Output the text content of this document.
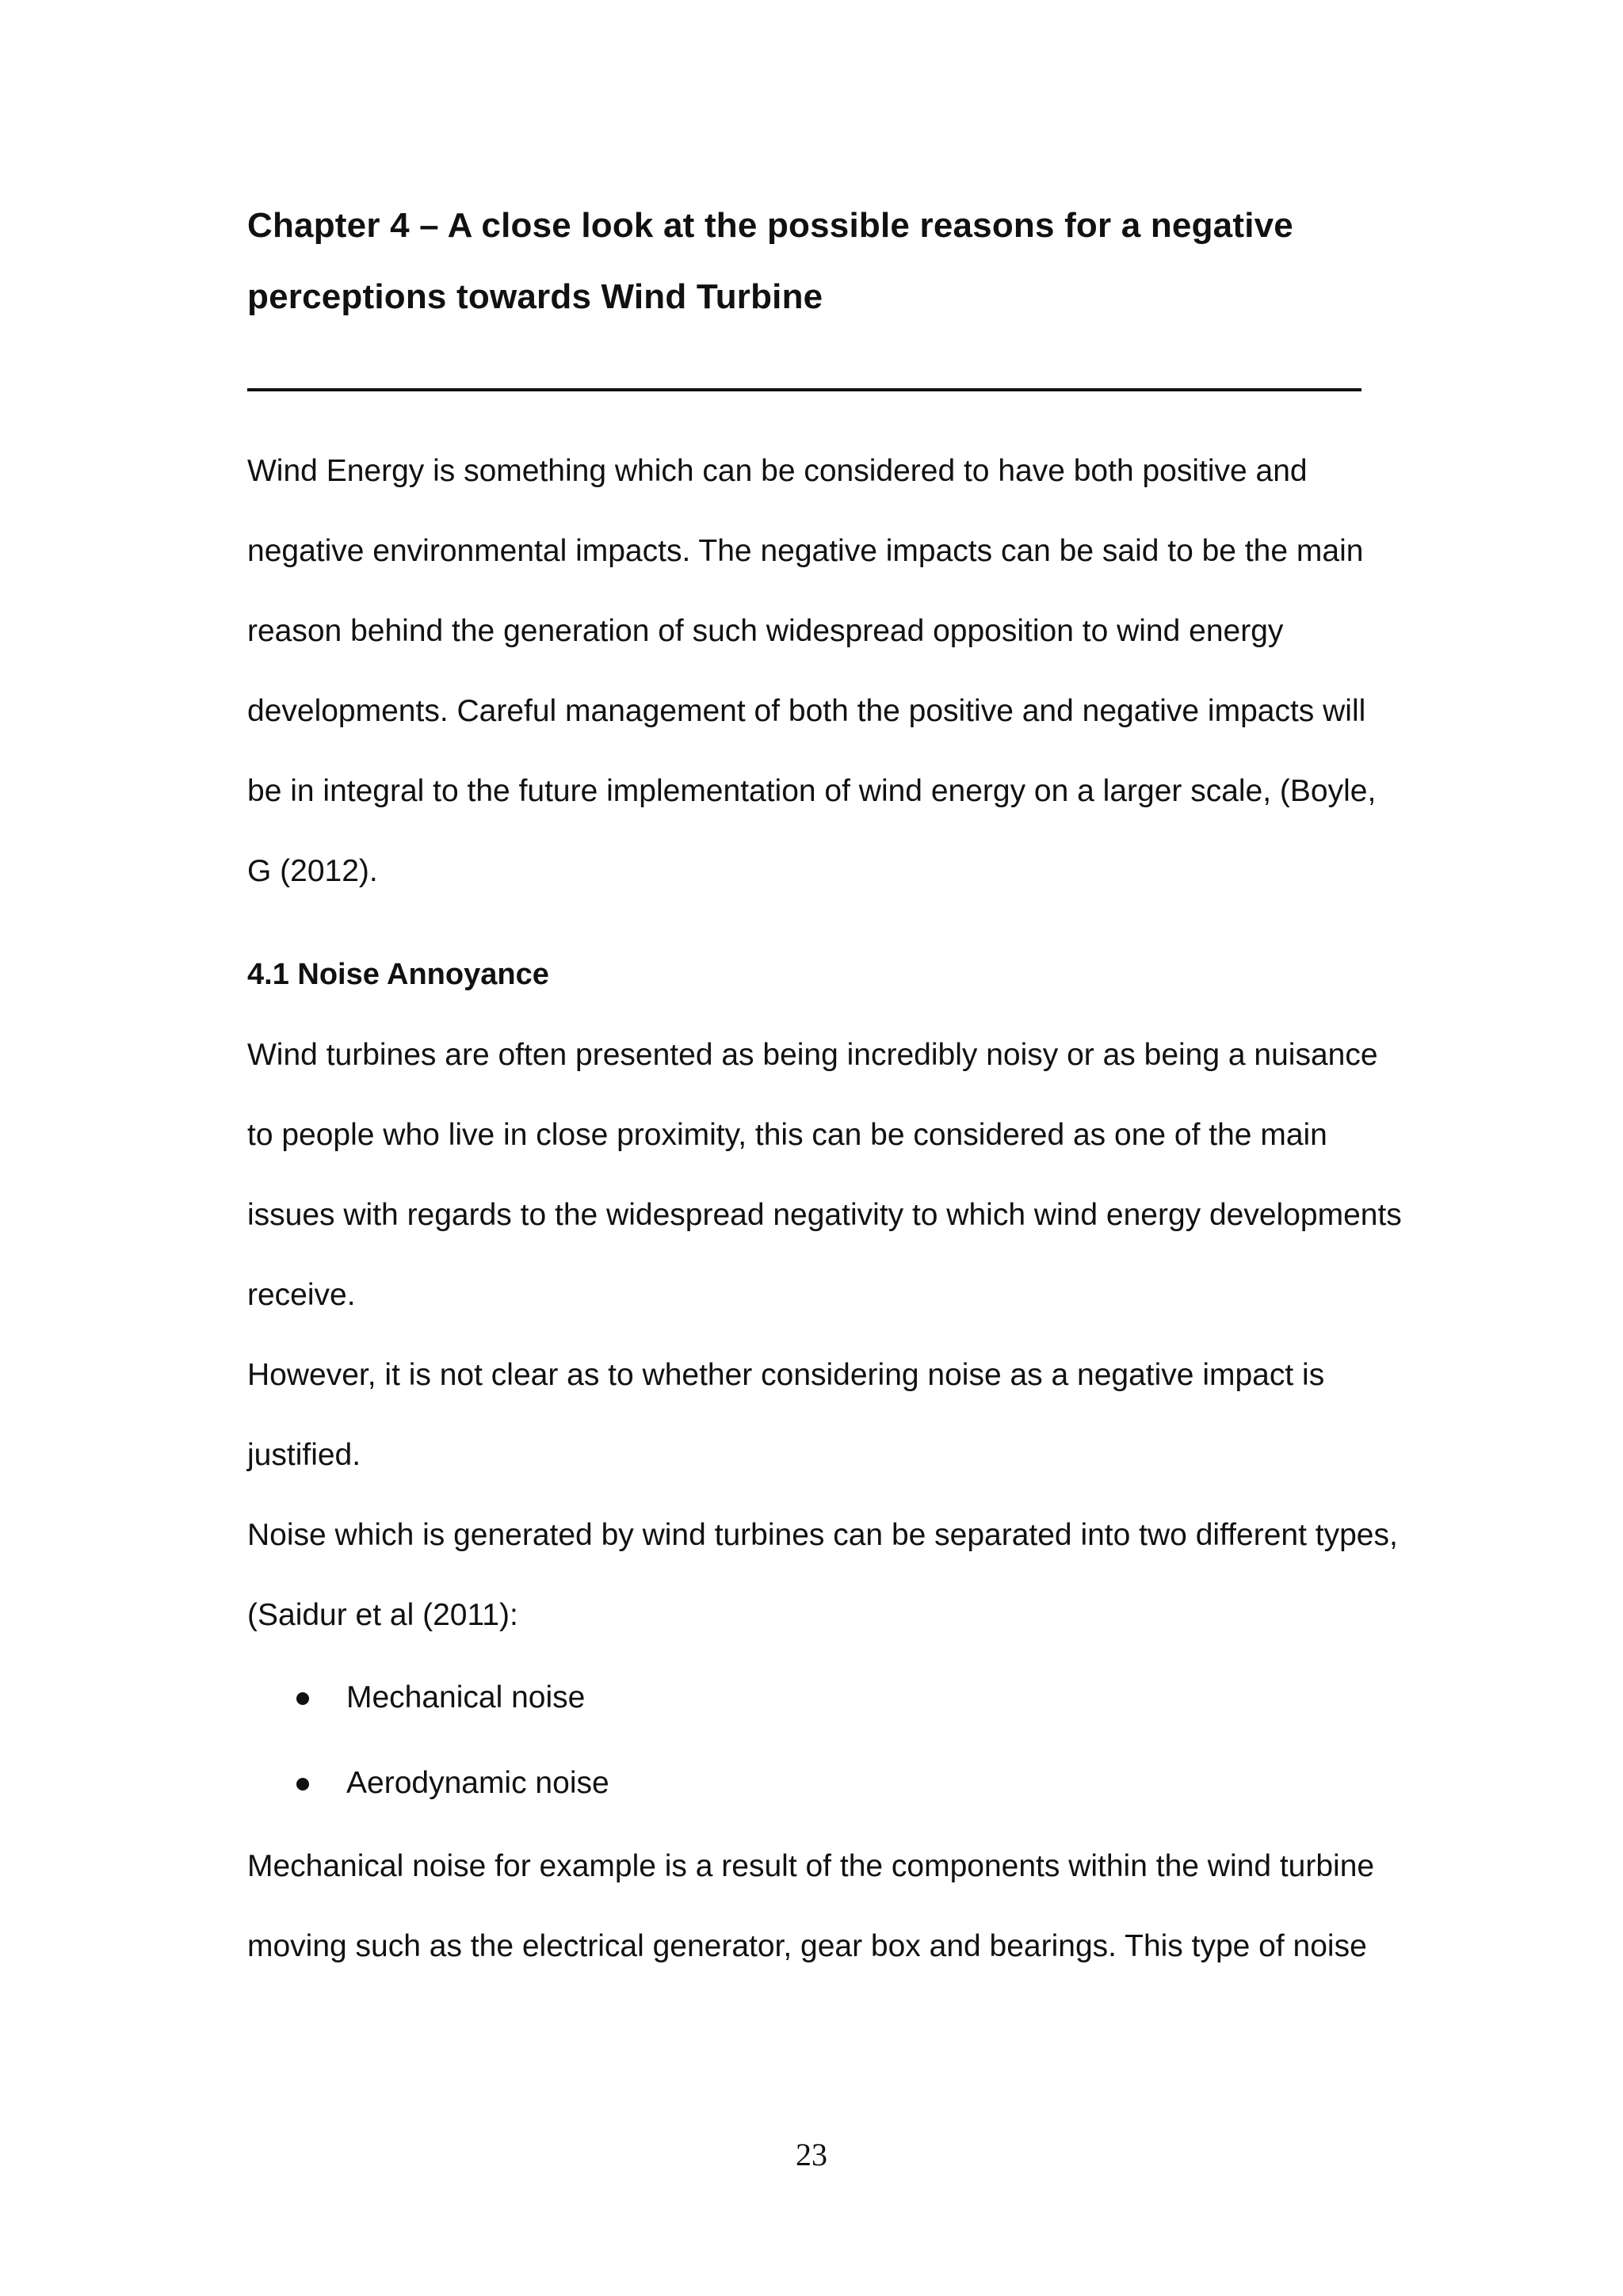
Chapter 4 – A close look at the possible reasons for a negative perceptions towards Wind Turbine

Wind Energy is something which can be considered to have both positive and negative environmental impacts. The negative impacts can be said to be the main reason behind the generation of such widespread opposition to wind energy developments. Careful management of both the positive and negative impacts will be in integral to the future implementation of wind energy on a larger scale, (Boyle, G (2012).

4.1 Noise Annoyance

Wind turbines are often presented as being incredibly noisy or as being a nuisance to people who live in close proximity, this can be considered as one of the main issues with regards to the widespread negativity to which wind energy developments receive.

However, it is not clear as to whether considering noise as a negative impact is justified.

Noise which is generated by wind turbines can be separated into two different types, (Saidur et al (2011):

Mechanical noise
Aerodynamic noise

Mechanical noise for example is a result of the components within the wind turbine moving such as the electrical generator, gear box and bearings. This type of noise

23
